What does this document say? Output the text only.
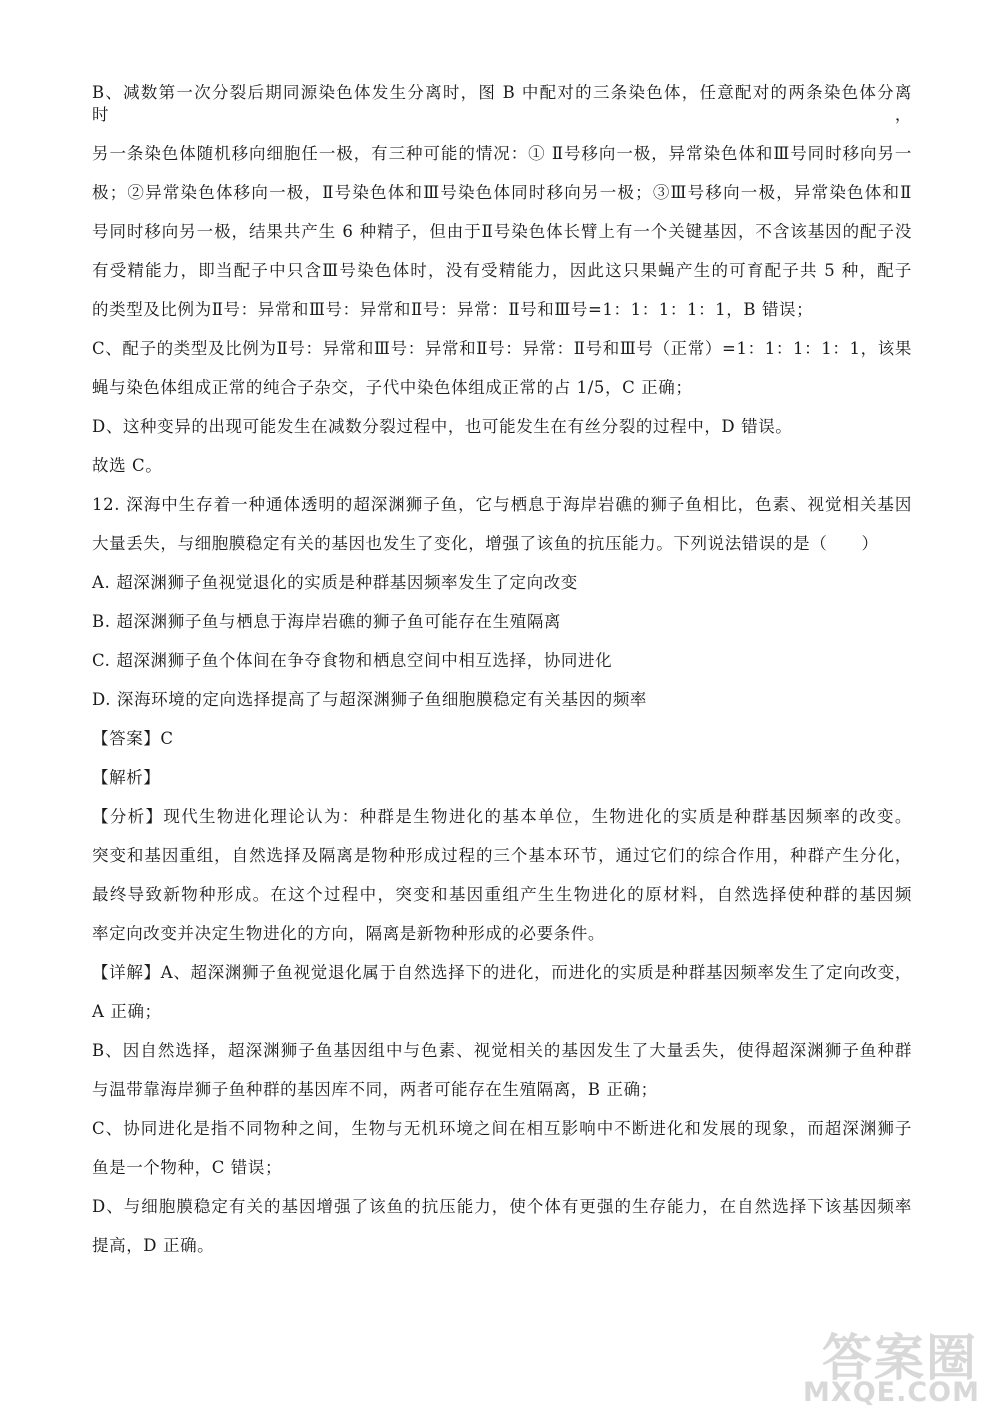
B、减数第一次分裂后期同源染色体发生分离时，图 B 中配对的三条染色体，任意配对的两条染色体分离时，
另一条染色体随机移向细胞任一极，有三种可能的情况：① Ⅱ号移向一极，异常染色体和Ⅲ号同时移向另一
极；②异常染色体移向一极，Ⅱ号染色体和Ⅲ号染色体同时移向另一极；③Ⅲ号移向一极，异常染色体和Ⅱ
号同时移向另一极，结果共产生 6 种精子，但由于Ⅱ号染色体长臂上有一个关键基因，不含该基因的配子没
有受精能力，即当配子中只含Ⅲ号染色体时，没有受精能力，因此这只果蝇产生的可育配子共 5 种，配子
的类型及比例为Ⅱ号：异常和Ⅲ号：异常和Ⅱ号：异常：Ⅱ号和Ⅲ号=1：1：1：1：1，B 错误；
C、配子的类型及比例为Ⅱ号：异常和Ⅲ号：异常和Ⅱ号：异常：Ⅱ号和Ⅲ号（正常）=1：1：1：1：1，该果
蝇与染色体组成正常的纯合子杂交，子代中染色体组成正常的占 1/5，C 正确；
D、这种变异的出现可能发生在减数分裂过程中，也可能发生在有丝分裂的过程中，D 错误。
故选 C。
12. 深海中生存着一种通体透明的超深渊狮子鱼，它与栖息于海岸岩礁的狮子鱼相比，色素、视觉相关基因
大量丢失，与细胞膜稳定有关的基因也发生了变化，增强了该鱼的抗压能力。下列说法错误的是（　　）
A. 超深渊狮子鱼视觉退化的实质是种群基因频率发生了定向改变
B. 超深渊狮子鱼与栖息于海岸岩礁的狮子鱼可能存在生殖隔离
C. 超深渊狮子鱼个体间在争夺食物和栖息空间中相互选择，协同进化
D. 深海环境的定向选择提高了与超深渊狮子鱼细胞膜稳定有关基因的频率
【答案】C
【解析】
【分析】现代生物进化理论认为：种群是生物进化的基本单位，生物进化的实质是种群基因频率的改变。
突变和基因重组，自然选择及隔离是物种形成过程的三个基本环节，通过它们的综合作用，种群产生分化，
最终导致新物种形成。在这个过程中，突变和基因重组产生生物进化的原材料，自然选择使种群的基因频
率定向改变并决定生物进化的方向，隔离是新物种形成的必要条件。
【详解】A、超深渊狮子鱼视觉退化属于自然选择下的进化，而进化的实质是种群基因频率发生了定向改变，
A 正确；
B、因自然选择，超深渊狮子鱼基因组中与色素、视觉相关的基因发生了大量丢失，使得超深渊狮子鱼种群
与温带靠海岸狮子鱼种群的基因库不同，两者可能存在生殖隔离，B 正确；
C、协同进化是指不同物种之间，生物与无机环境之间在相互影响中不断进化和发展的现象，而超深渊狮子
鱼是一个物种，C 错误；
D、与细胞膜稳定有关的基因增强了该鱼的抗压能力，使个体有更强的生存能力，在自然选择下该基因频率
提高，D 正确。
答案圈
MXQE.COM
